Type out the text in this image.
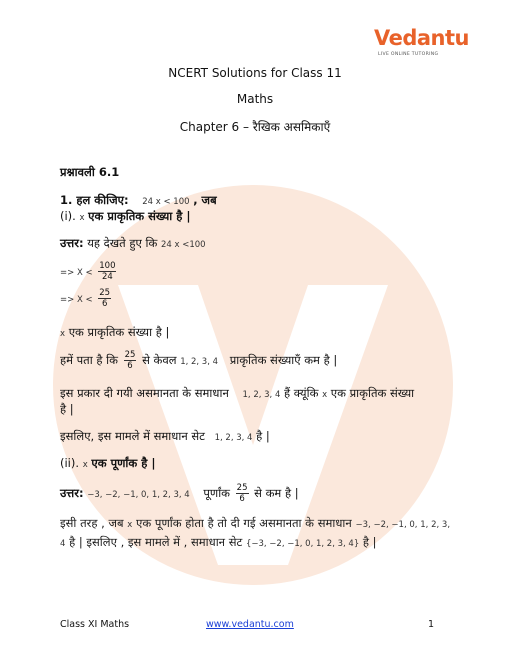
Vedantu
LIVE ONLINE TUTORING
NCERT Solutions for Class 11
Maths
Chapter 6 – रैखिक असमिकाएँ
प्रश्नावली 6.1
1. हल कीजिए: 24 x < 100 , जब
(i). x एक प्राकृतिक संख्या है |
उत्तर: यह देखते हुए कि 24 x <100
=> $X < \frac{100}{24}$
=> $X < \frac{25}{6}$
x एक प्राकृतिक संख्या है |
हमें पता है कि $\frac{25}{6}$ से केवल 1, 2, 3, 4 प्राकृतिक संख्याएँ कम है |
इस प्रकार दी गयी असमानता के समाधान 1, 2, 3, 4 हैं क्यूंकि x एक प्राकृतिक संख्या
है |
इसलिए, इस मामले में समाधान सेट 1, 2, 3, 4 है |
(ii). x एक पूर्णांक है |
उत्तर: −3, −2, −1, 0, 1, 2, 3, 4 पूर्णांक $\frac{25}{6}$ से कम है |
इसी तरह , जब x एक पूर्णांक होता है तो दी गई असमानता के समाधान −3, −2, −1, 0, 1, 2, 3, 4 है | इसलिए , इस मामले में , समाधान सेट {−3, −2, −1, 0, 1, 2, 3, 4} है |
Class XI Maths	www.vedantu.com	1
